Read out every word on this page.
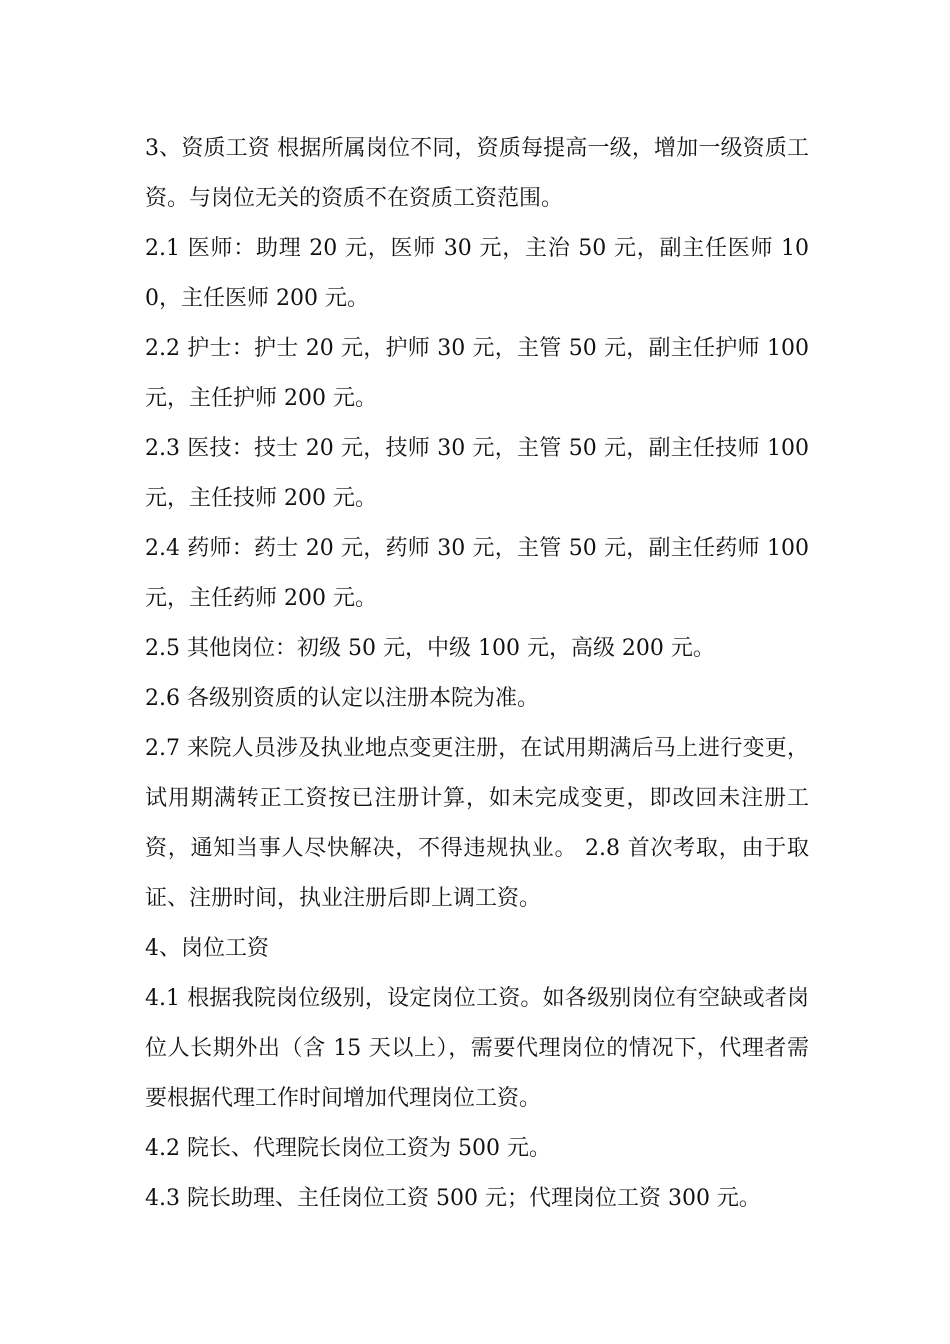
3、资质工资 根据所属岗位不同，资质每提高一级，增加一级资质工资。与岗位无关的资质不在资质工资范围。

2.1 医师：助理 20 元，医师 30 元，主治 50 元，副主任医师 100，主任医师 200 元。

2.2 护士：护士 20 元，护师 30 元，主管 50 元，副主任护师 100 元，主任护师 200 元。

2.3 医技：技士 20 元，技师 30 元，主管 50 元，副主任技师 100 元，主任技师 200 元。

2.4 药师：药士 20 元，药师 30 元，主管 50 元，副主任药师 100 元，主任药师 200 元。

2.5 其他岗位：初级 50 元，中级 100 元，高级 200 元。

2.6 各级别资质的认定以注册本院为准。

2.7 来院人员涉及执业地点变更注册，在试用期满后马上进行变更，试用期满转正工资按已注册计算，如未完成变更，即改回未注册工资，通知当事人尽快解决，不得违规执业。 2.8 首次考取，由于取证、注册时间，执业注册后即上调工资。

4、岗位工资

4.1 根据我院岗位级别，设定岗位工资。如各级别岗位有空缺或者岗位人长期外出（含 15 天以上），需要代理岗位的情况下，代理者需要根据代理工作时间增加代理岗位工资。

4.2 院长、代理院长岗位工资为 500 元。

4.3 院长助理、主任岗位工资 500 元；代理岗位工资 300 元。
